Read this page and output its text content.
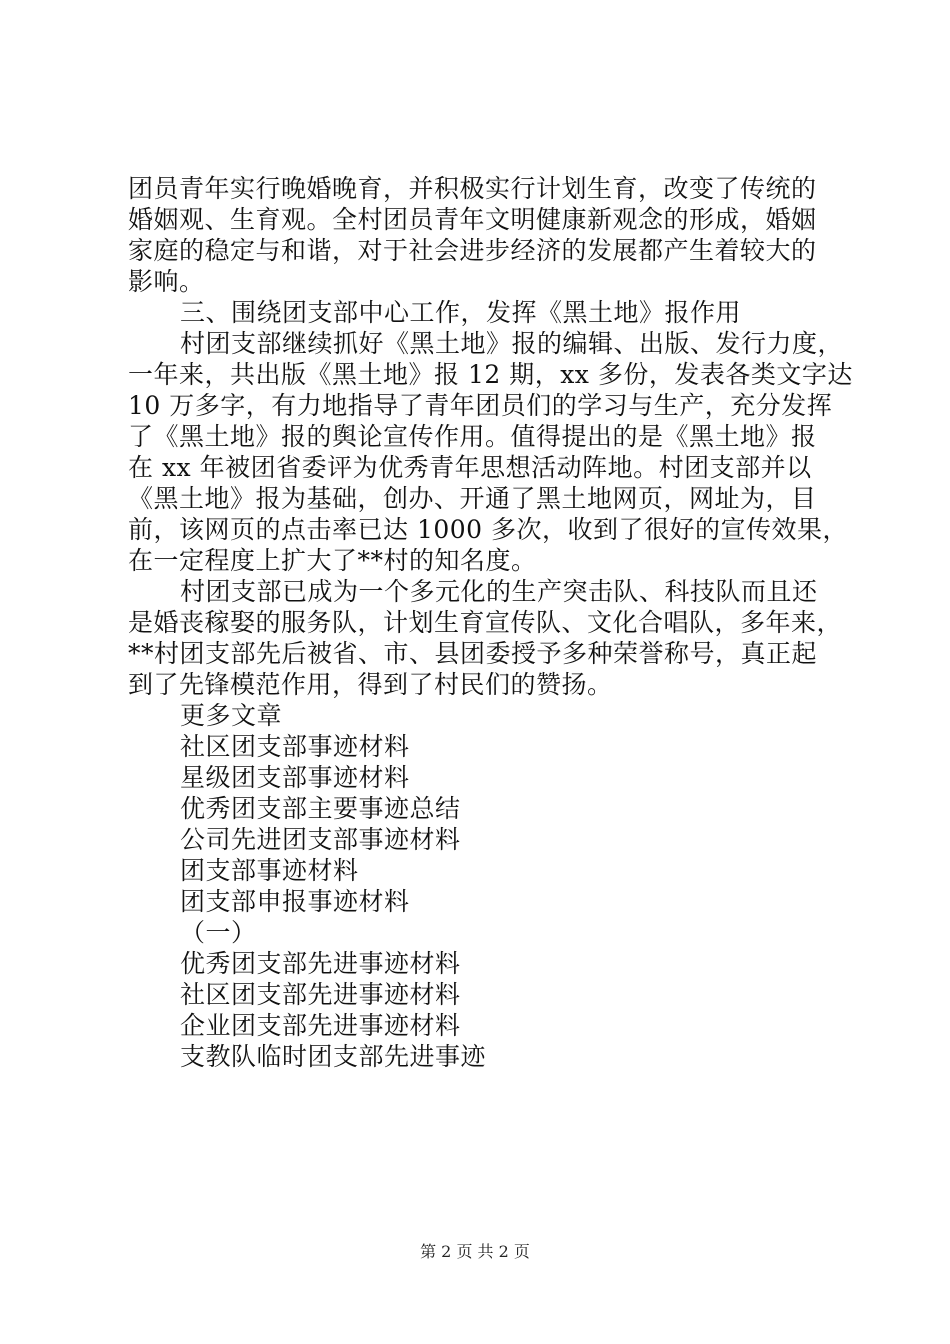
团员青年实行晚婚晚育，并积极实行计划生育，改变了传统的
婚姻观、生育观。全村团员青年文明健康新观念的形成，婚姻
家庭的稳定与和谐，对于社会进步经济的发展都产生着较大的
影响。
三、围绕团支部中心工作，发挥《黑土地》报作用
村团支部继续抓好《黑土地》报的编辑、出版、发行力度，
一年来，共出版《黑土地》报 12 期，xx 多份，发表各类文字达
10 万多字，有力地指导了青年团员们的学习与生产，充分发挥
了《黑土地》报的舆论宣传作用。值得提出的是《黑土地》报
在 xx 年被团省委评为优秀青年思想活动阵地。村团支部并以
《黑土地》报为基础，创办、开通了黑土地网页，网址为，目
前，该网页的点击率已达 1000 多次，收到了很好的宣传效果，
在一定程度上扩大了**村的知名度。
村团支部已成为一个多元化的生产突击队、科技队而且还
是婚丧稼娶的服务队，计划生育宣传队、文化合唱队，多年来，
**村团支部先后被省、市、县团委授予多种荣誉称号，真正起
到了先锋模范作用，得到了村民们的赞扬。
更多文章
社区团支部事迹材料
星级团支部事迹材料
优秀团支部主要事迹总结
公司先进团支部事迹材料
团支部事迹材料
团支部申报事迹材料
（一）
优秀团支部先进事迹材料
社区团支部先进事迹材料
企业团支部先进事迹材料
支教队临时团支部先进事迹
第 2 页 共 2 页
